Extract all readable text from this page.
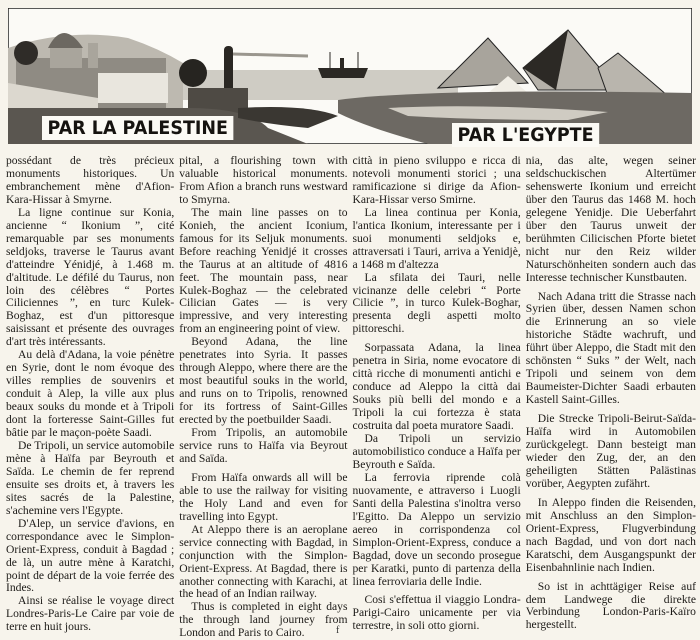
PAR LA PALESTINE	PAR L'EGYPTE

possédant de très précieux monuments historiques. Un embranchement mène d'Afion-Kara-Hissar à Smyrne.

La ligne continue sur Konia, ancienne “ Ikonium ”, cité remarquable par ses monuments seldjoks, traverse le Taurus avant d'atteindre Yénidjé, à 1.468 m. d'altitude. Le défilé du Taurus, non loin des célèbres “ Portes Ciliciennes ”, en turc Kulek-Boghaz, est d'un pittoresque saisissant et présente des ouvrages d'art très intéressants.

Au delà d'Adana, la voie pénètre en Syrie, dont le nom évoque des villes remplies de souvenirs et conduit à Alep, la ville aux plus beaux souks du monde et à Tripoli dont la forteresse Saint-Gilles fut bâtie par le maçon-poète Saadi.

De Tripoli, un service automobile mène à Haïfa par Beyrouth et Saïda. Le chemin de fer reprend ensuite ses droits et, à travers les sites sacrés de la Palestine, s'achemine vers l'Egypte.

D'Alep, un service d'avions, en correspondance avec le Simplon-Orient-Express, conduit à Bagdad ; de là, un autre mène à Karatchi, point de départ de la voie ferrée des Indes.

Ainsi se réalise le voyage direct Londres-Paris-Le Caire par voie de terre en huit jours.

pital, a flourishing town with valuable historical monuments. From Afion a branch runs westward to Smyrna.

The main line passes on to Konieh, the ancient Iconium, famous for its Seljuk monuments. Before reaching Yenidjé it crosses the Taurus at an altitude of 4816 feet. The mountain pass, near Kulek-Boghaz — the celebrated Cilician Gates — is very impressive, and very interesting from an engineering point of view.

Beyond Adana, the line penetrates into Syria. It passes through Aleppo, where there are the most beautiful souks in the world, and runs on to Tripolis, renowned for its fortress of Saint-Gilles erected by the poetbuilder Saadi.

From Tripolis, an automobile service runs to Haïfa via Beyrout and Saïda.

From Haïfa onwards all will be able to use the railway for visiting the Holy Land and even for travelling into Egypt.

At Aleppo there is an aeroplane service connecting with Bagdad, in conjunction with the Simplon-Orient-Express. At Bagdad, there is another connecting with Karachi, at the head of an Indian railway.

Thus is completed in eight days the through land journey from London and Paris to Cairo.

città in pieno sviluppo e ricca di notevoli monumenti storici ; una ramificazione si dirige da Afion-Kara-Hissar verso Smirne.

La linea continua per Konia, l'antica Ikonium, interessante per i suoi monumenti seldjoks e, attraversati i Tauri, arriva a Yenidjè, a 1468 m d'altezza

La sfilata dei Tauri, nelle vicinanze delle celebri “ Porte Cilicie ”, in turco Kulek-Boghar, presenta degli aspetti molto pittoreschi.

Sorpassata Adana, la linea penetra in Siria, nome evocatore di città ricche di monumenti antichi e conduce ad Aleppo la città dai Souks più belli del mondo e a Tripoli la cui fortezza è stata costruita dal poeta muratore Saadi.

Da Tripoli un servizio automobilistico conduce a Haïfa per Beyrouth e Saïda.

La ferrovia riprende colà nuovamente, e attraverso i Luogli Santi della Palestina s'inoltra verso l'Egitto. Da Aleppo un servizio aereo in corrispondenza col Simplon-Orient-Express, conduce a Bagdad, dove un secondo prosegue per Karatki, punto di partenza della linea ferroviaria delle Indie.

Cosi s'effettua il viaggio Londra-Parigi-Cairo unicamente per via terrestre, in soli otto giorni.

nia, das alte, wegen seiner seldschuckischen Altertümer sehenswerte Ikonium und erreicht über den Taurus das 1468 M. hoch gelegene Yenidje. Die Ueberfahrt über den Taurus unweit der berühmten Cilicischen Pforte bietet nicht nur den Reiz wilder Naturschönheiten sondern auch das Interesse technischer Kunstbauten.

Nach Adana tritt die Strasse nach Syrien über, dessen Namen schon die Erinnerung an so viele historiche Städte wachruft, und führt über Aleppo, die Stadt mit den schönsten “ Suks ” der Welt, nach Tripoli und seinem von dem Baumeister-Dichter Saadi erbauten Kastell Saint-Gilles.

Die Strecke Tripoli-Beirut-Saïda-Haïfa wird in Automobilen zurückgelegt. Dann besteigt man wieder den Zug, der, an den geheiligten Stätten Palästinas vorüber, Aegypten zufährt.

In Aleppo finden die Reisenden, mit Anschluss an den Simplon-Orient-Express, Flugverbindung nach Bagdad, und von dort nach Karatschi, dem Ausgangspunkt der Eisenbahnlinie nach Indien.

So ist in achttägiger Reise auf dem Landwege die direkte Verbindung London-Paris-Kaïro hergestellt.

f
